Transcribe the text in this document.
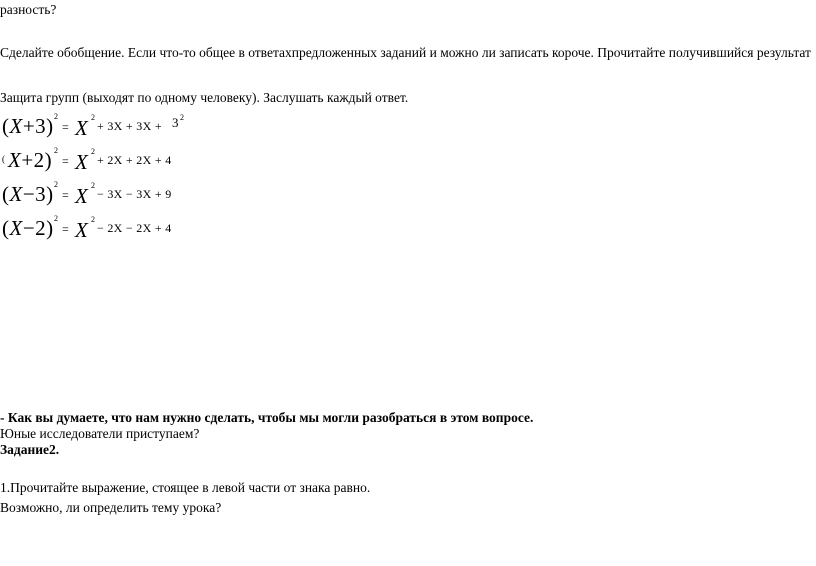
разность?
Сделайте обобщение. Если что-то общее в ответахпредложенных заданий и можно ли записать короче. Прочитайте получившийся результат
Защита групп (выходят по одному человеку). Заслушать каждый ответ.
(X+3) 2
= X 2
+ 3X + 3X + 3 2
( X+2) 2
= X 2
+ 2X + 2X + 4
(X−3) 2
= X 2
− 3X − 3X + 9
(X−2) 2
= X 2
− 2X − 2X + 4
- Как вы думаете, что нам нужно сделать, чтобы мы могли разобраться в этом вопросе.
Юные исследователи приступаем?
Задание2.
1.Прочитайте выражение, стоящее в левой части от знака равно.
Возможно, ли определить тему урока?
